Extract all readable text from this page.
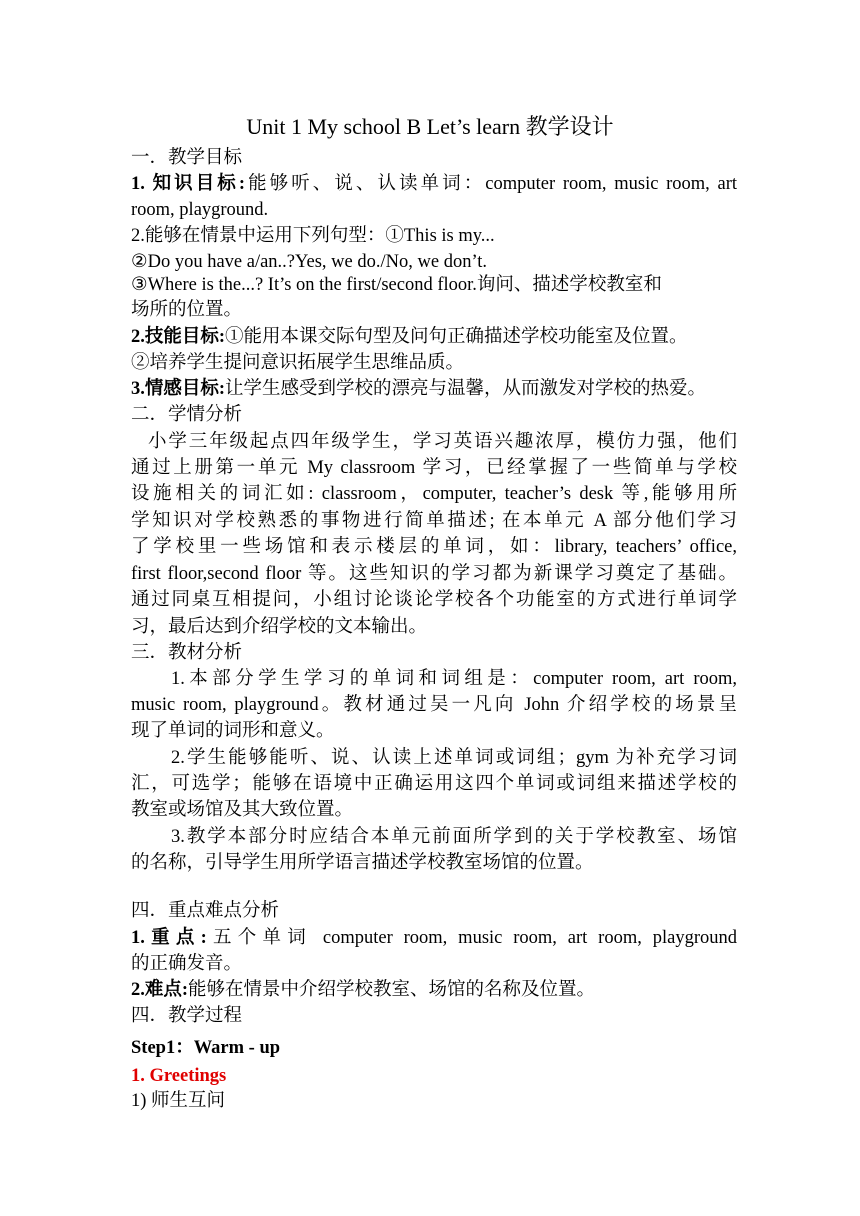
Unit 1 My school B Let’s learn 教学设计
一．教学目标
1. 知识目标:能够听、说、认读单词：computer room, music room, art
room, playground.
2.能够在情景中运用下列句型：①This is my...
②Do you have a/an..?Yes, we do./No, we don’t.
③Where is the...? It’s on the first/second floor.询问、描述学校教室和
场所的位置。
2.技能目标:①能用本课交际句型及问句正确描述学校功能室及位置。
②培养学生提问意识拓展学生思维品质。
3.情感目标:让学生感受到学校的漂亮与温馨，从而激发对学校的热爱。
二．学情分析
小学三年级起点四年级学生，学习英语兴趣浓厚，模仿力强，他们
通过上册第一单元 My classroom 学习，已经掌握了一些简单与学校
设施相关的词汇如: classroom，computer, teacher’s desk 等,能够用所
学知识对学校熟悉的事物进行简单描述; 在本单元 A 部分他们学习
了学校里一些场馆和表示楼层的单词，如：library, teachers’ office,
first floor,second floor 等。这些知识的学习都为新课学习奠定了基础。
通过同桌互相提问，小组讨论谈论学校各个功能室的方式进行单词学
习，最后达到介绍学校的文本输出。
三．教材分析
1.本部分学生学习的单词和词组是：computer room, art room,
music room, playground。教材通过吴一凡向 John 介绍学校的场景呈
现了单词的词形和意义。
2.学生能够能听、说、认读上述单词或词组；gym 为补充学习词
汇，可选学；能够在语境中正确运用这四个单词或词组来描述学校的
教室或场馆及其大致位置。
3.教学本部分时应结合本单元前面所学到的关于学校教室、场馆
的名称，引导学生用所学语言描述学校教室场馆的位置。
四．重点难点分析
1.重点:五个单词 computer room, music room, art room, playground
的正确发音。
2.难点:能够在情景中介绍学校教室、场馆的名称及位置。
四．教学过程
Step1：Warm - up
1. Greetings
1) 师生互问
